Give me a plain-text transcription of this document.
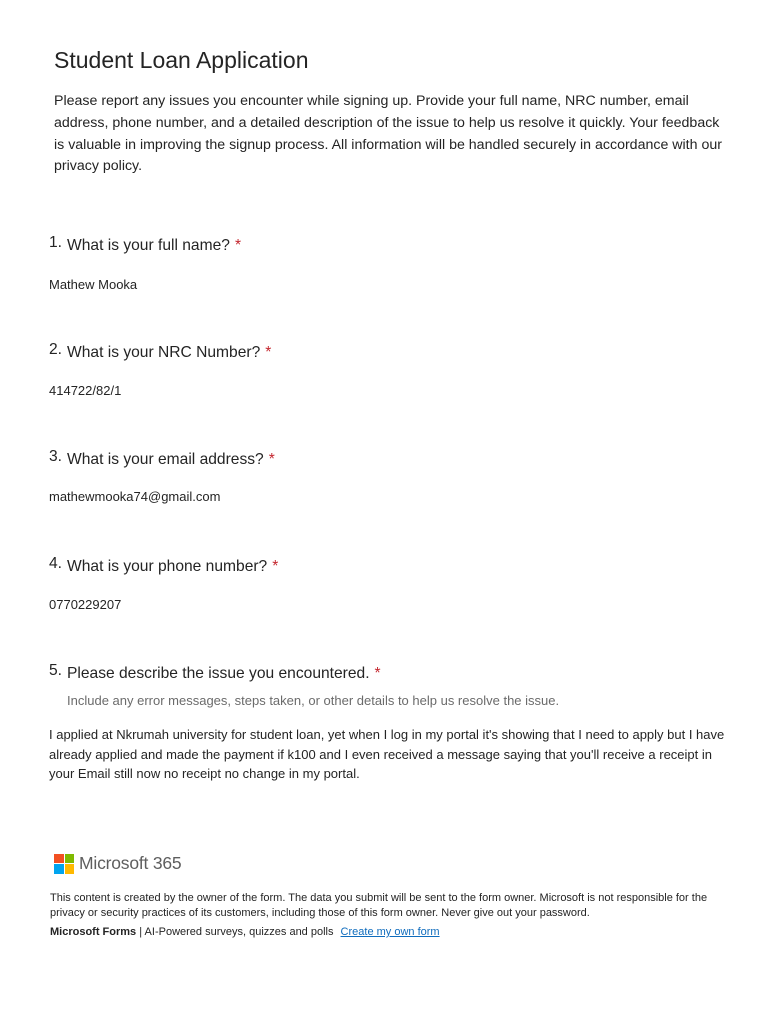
Student Loan Application
Please report any issues you encounter while signing up. Provide your full name, NRC number, email address, phone number, and a detailed description of the issue to help us resolve it quickly. Your feedback is valuable in improving the signup process. All information will be handled securely in accordance with our privacy policy.
1. What is your full name? *
Mathew Mooka
2. What is your NRC Number? *
414722/82/1
3. What is your email address? *
mathewmooka74@gmail.com
4. What is your phone number? *
0770229207
5. Please describe the issue you encountered. *
Include any error messages, steps taken, or other details to help us resolve the issue.
I applied at Nkrumah university for student loan, yet when I log in my portal it's showing that I need to apply but I have already applied and made the payment if k100 and I even received a message saying that you'll receive a receipt in your Email still now no receipt no change in my portal.
Microsoft 365
This content is created by the owner of the form. The data you submit will be sent to the form owner. Microsoft is not responsible for the privacy or security practices of its customers, including those of this form owner. Never give out your password.
Microsoft Forms | AI-Powered surveys, quizzes and polls Create my own form
